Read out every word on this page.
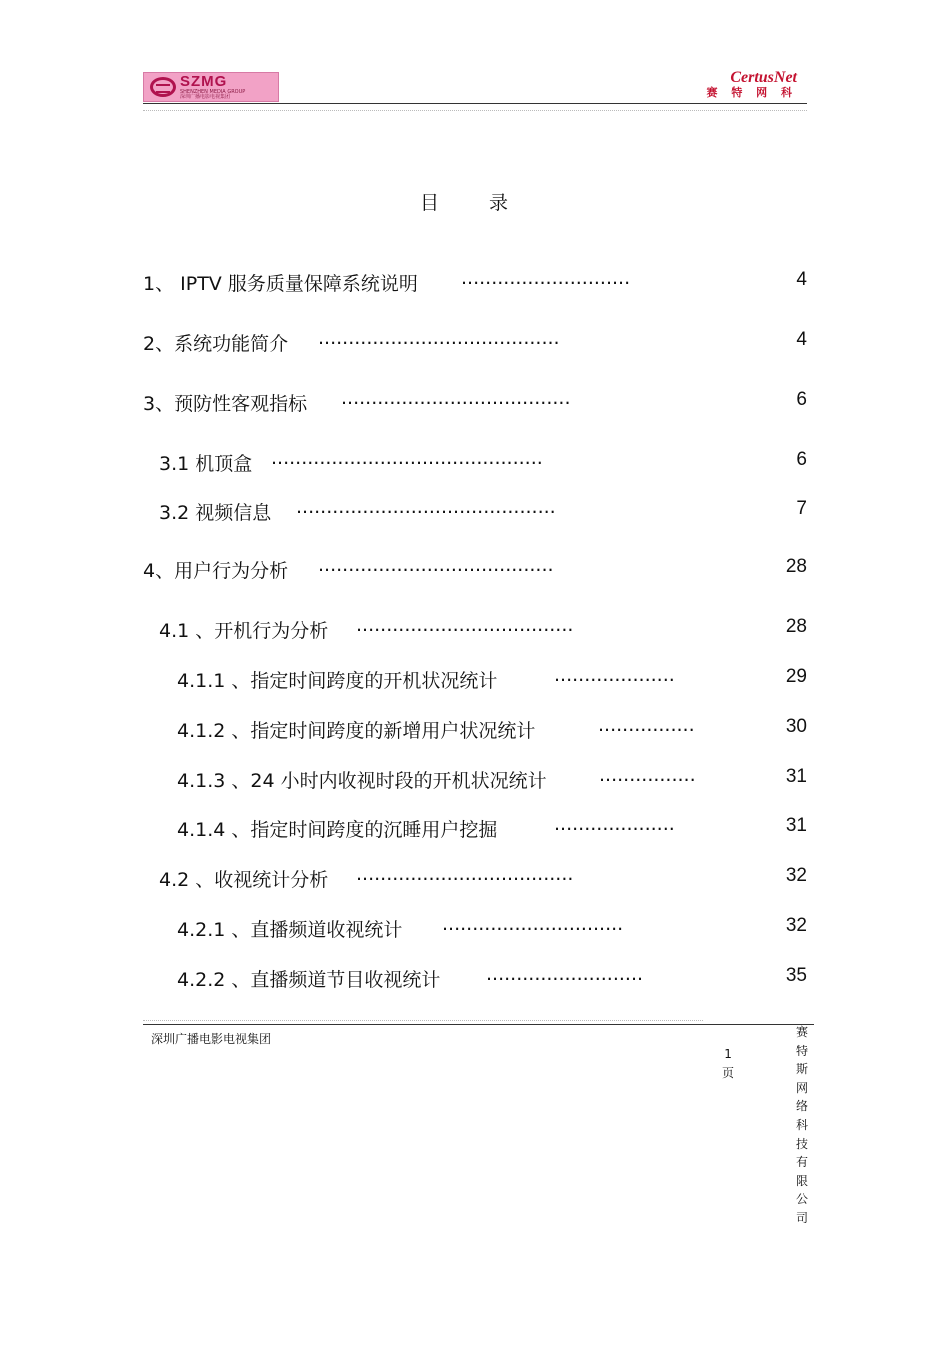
SZMG
SHENZHEN MEDIA GROUP
深圳广播电影电视集团
CertusNet
赛 特 网 科
目 录
1、 IPTV 服务质量保障系统说明 ............................	4
2、系统功能简介 ........................................	4
3、预防性客观指标 ......................................	6
3.1 机顶盒 .............................................	6
3.2 视频信息 ...........................................	7
4、用户行为分析 .......................................	28
4.1 、开机行为分析 ....................................	28
4.1.1 、指定时间跨度的开机状况统计	....................	29
4.1.2 、指定时间跨度的新增用户状况统计	................	30
4.1.3 、24 小时内收视时段的开机状况统计	................	31
4.1.4 、指定时间跨度的沉睡用户挖掘	....................	31
4.2 、收视统计分析 ....................................	32
4.2.1 、直播频道收视统计 ..............................	32
4.2.2 、直播频道节目收视统计 ..........................	35
深圳广播电影电视集团
1
页
赛特斯网络科技有限公司
